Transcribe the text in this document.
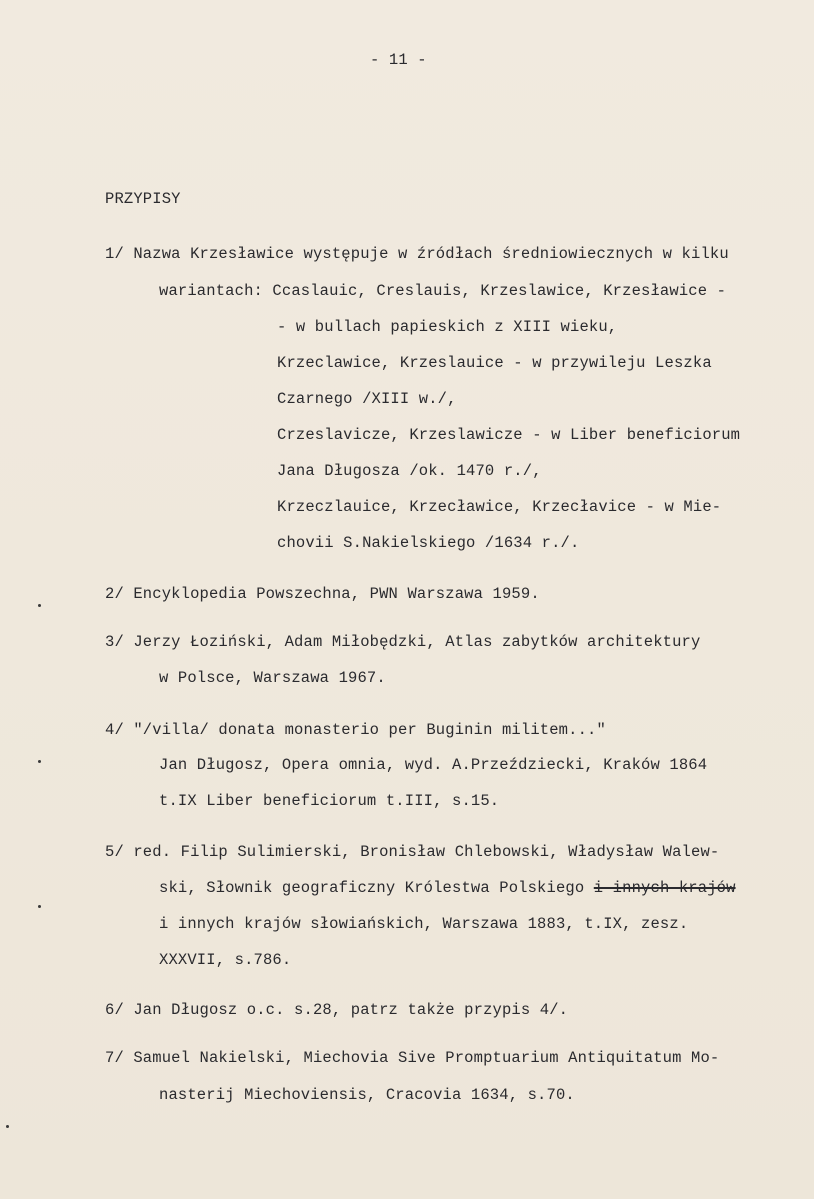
- 11 -
PRZYPISY
1/ Nazwa Krzesławice występuje w źródłach średniowiecznych w kilku
wariantach: Ccaslauic, Creslauis, Krzeslawice, Krzesławice -
- w bullach papieskich z XIII wieku,
Krzeclawice, Krzeslauice - w przywileju Leszka
Czarnego /XIII w./,
Crzeslavicze, Krzeslawicze - w Liber beneficiorum
Jana Długosza /ok. 1470 r./,
Krzeczlauice, Krzecławice, Krzecłavice - w Mie-
chovii S.Nakielskiego /1634 r./.
2/ Encyklopedia Powszechna, PWN Warszawa 1959.
3/ Jerzy Łoziński, Adam Miłobędzki, Atlas zabytków architektury
w Polsce, Warszawa 1967.
4/ "/villa/ donata monasterio per Buginin militem..."
Jan Długosz, Opera omnia, wyd. A.Przeździecki, Kraków 1864
t.IX Liber beneficiorum t.III, s.15.
5/ red. Filip Sulimierski, Bronisław Chlebowski, Władysław Walew-
ski, Słownik geograficzny Królestwa Polskiego i innych krajów
i innych krajów słowiańskich, Warszawa 1883, t.IX, zesz.
XXXVII, s.786.
6/ Jan Długosz o.c. s.28, patrz także przypis 4/.
7/ Samuel Nakielski, Miechovia Sive Promptuarium Antiquitatum Mo-
nasterij Miechoviensis, Cracovia 1634, s.70.
